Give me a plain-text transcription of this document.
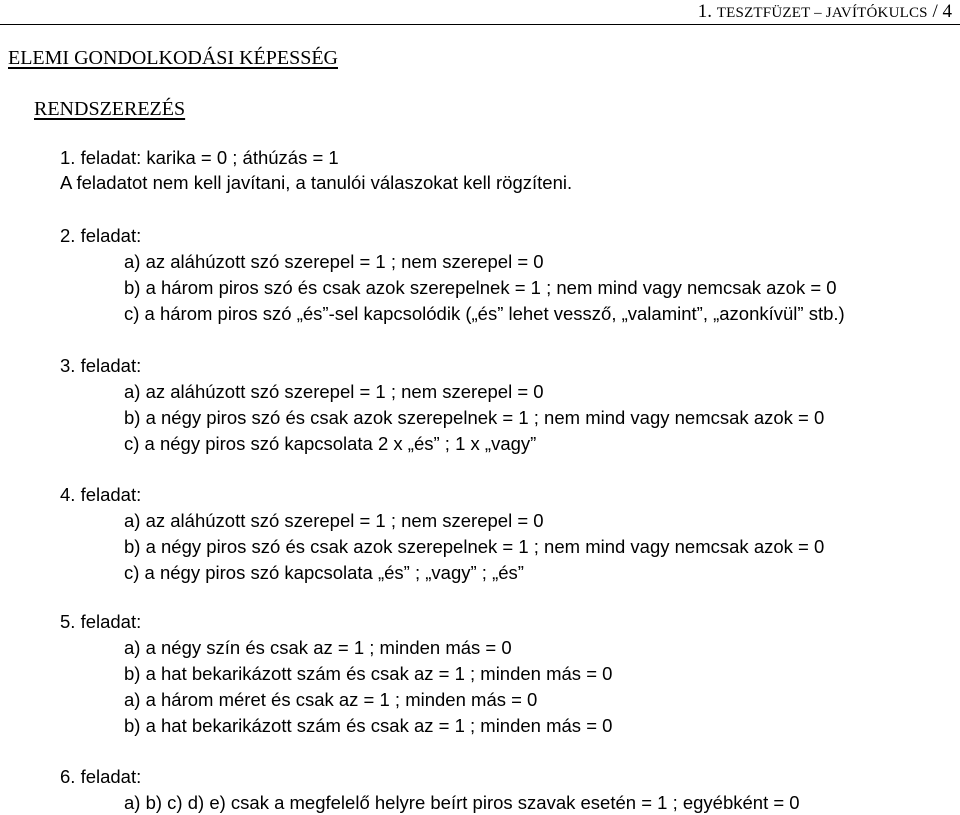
1. TESZTFÜZET – JAVÍTÓKULCS / 4
ELEMI GONDOLKODÁSI KÉPESSÉG
RENDSZEREZÉS
1. feladat: karika = 0 ; áthúzás = 1
A feladatot nem kell javítani, a tanulói válaszokat kell rögzíteni.
2. feladat:
a) az aláhúzott szó szerepel = 1 ; nem szerepel = 0
b) a három piros szó és csak azok szerepelnek = 1 ; nem mind vagy nemcsak azok = 0
c) a három piros szó „és”-sel kapcsolódik („és” lehet vessző, „valamint”, „azonkívül” stb.)
3. feladat:
a) az aláhúzott szó szerepel = 1 ; nem szerepel = 0
b) a négy piros szó és csak azok szerepelnek = 1 ; nem mind vagy nemcsak azok = 0
c) a négy piros szó kapcsolata 2 x „és” ; 1 x „vagy”
4. feladat:
a) az aláhúzott szó szerepel = 1 ; nem szerepel = 0
b) a négy piros szó és csak azok szerepelnek = 1 ; nem mind vagy nemcsak azok = 0
c) a négy piros szó kapcsolata „és” ; „vagy” ; „és”
5. feladat:
a) a négy szín és csak az = 1 ; minden más = 0
b) a hat bekarikázott szám és csak az = 1 ; minden más = 0
a) a három méret és csak az = 1 ; minden más = 0
b) a hat bekarikázott szám és csak az = 1 ; minden más = 0
6. feladat:
a) b) c) d) e) csak a megfelelő helyre beírt piros szavak esetén = 1 ; egyébként = 0
